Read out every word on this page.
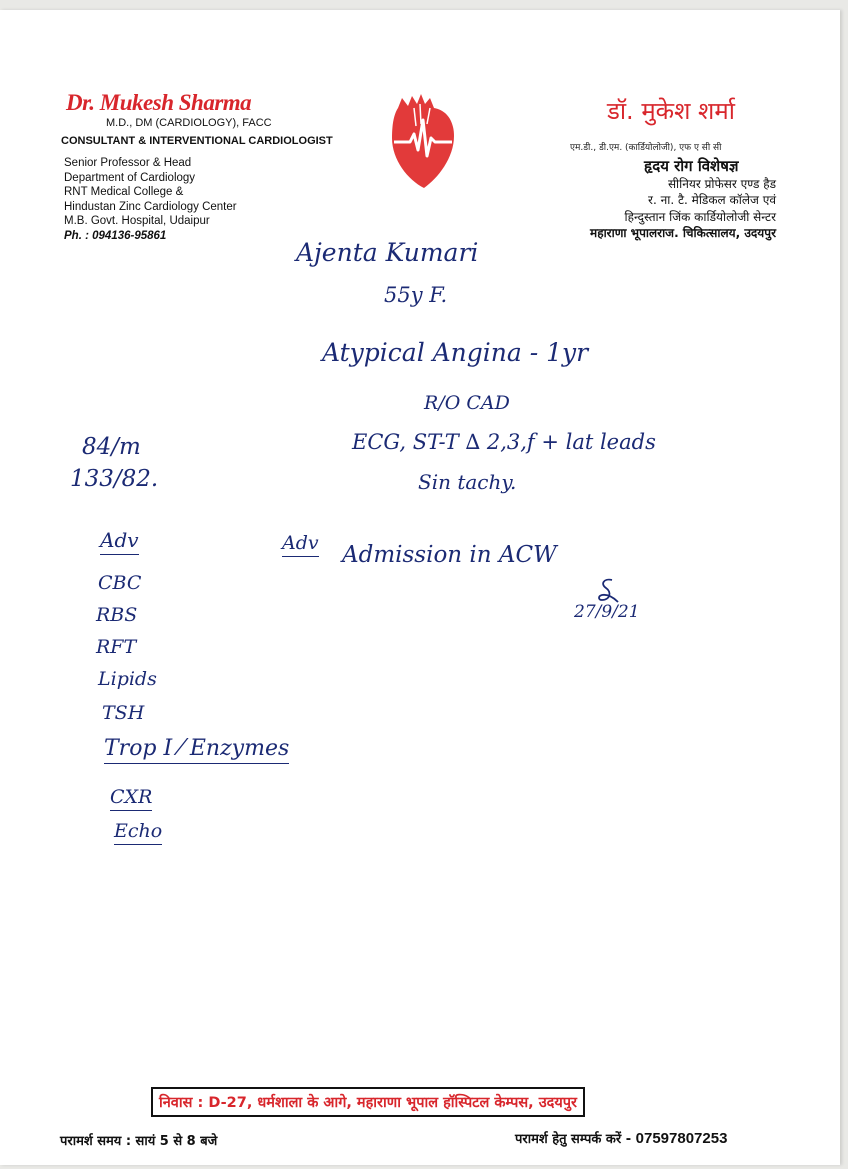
Dr. Mukesh Sharma
M.D., DM (CARDIOLOGY), FACC
CONSULTANT & INTERVENTIONAL CARDIOLOGIST
Senior Professor & Head
Department of Cardiology
RNT Medical College &
Hindustan Zinc Cardiology Center
M.B. Govt. Hospital, Udaipur
Ph. : 094136-95861
डॉ. मुकेश शर्मा
एम.डी., डी.एम. (कार्डियोलोजी), एफ ए सी सी
हृदय रोग विशेषज्ञ
सीनियर प्रोफेसर एण्ड हैड
र. ना. टै. मेडिकल कॉलेज एवं
हिन्दुस्तान जिंक कार्डियोलोजी सेन्टर
महाराणा भूपालराज. चिकित्सालय, उदयपुर
Ajenta Kumari
55y F.
Atypical Angina - 1yr
R/O CAD
ECG, ST-T ∆ 2,3,f + lat leads
Sin tachy.
84/m
133/82.
Adv
CBC
RBS
RFT
Lipids
TSH
Trop I ⁄ Enzymes
CXR
Echo
Adv Admission in ACW
27/9/21
निवास : D-27, धर्मशाला के आगे, महाराणा भूपाल हॉस्पिटल केम्पस, उदयपुर
परामर्श समय : सायं 5 से 8 बजे	परामर्श हेतु सम्पर्क करें - 07597807253
